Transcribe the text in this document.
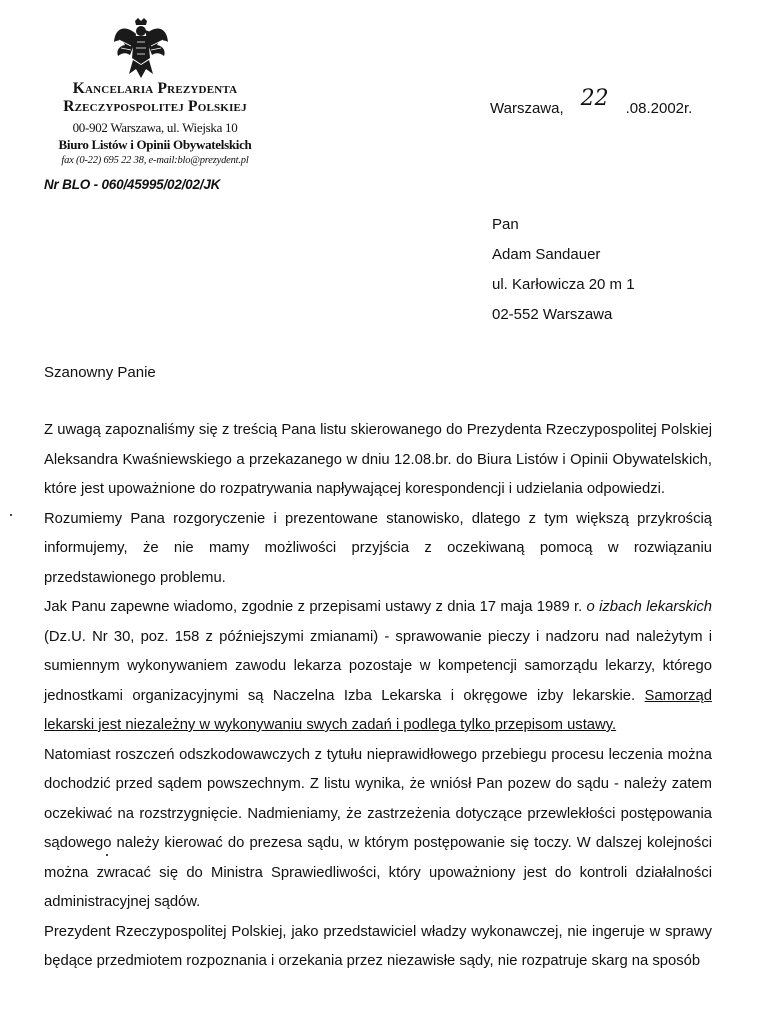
Kancelaria Prezydenta
Rzeczypospolitej Polskiej
00-902 Warszawa, ul. Wiejska 10
Biuro Listów i Opinii Obywatelskich
fax (0-22) 695 22 38, e-mail:blo@prezydent.pl
Nr BLO - 060/45995/02/02/JK
Warszawa, 22 .08.2002r.
Pan
Adam Sandauer
ul. Karłowicza 20 m 1
02-552 Warszawa
Szanowny Panie

Z uwagą zapoznaliśmy się z treścią Pana listu skierowanego do Prezydenta Rzeczypospolitej Polskiej Aleksandra Kwaśniewskiego a przekazanego w dniu 12.08.br. do Biura Listów i Opinii Obywatelskich, które jest upoważnione do rozpatrywania napływającej korespondencji i udzielania odpowiedzi.

Rozumiemy Pana rozgoryczenie i prezentowane stanowisko, dlatego z tym większą przykrością informujemy, że nie mamy możliwości przyjścia z oczekiwaną pomocą w rozwiązaniu przedstawionego problemu.

Jak Panu zapewne wiadomo, zgodnie z przepisami ustawy z dnia 17 maja 1989 r. o izbach lekarskich (Dz.U. Nr 30, poz. 158 z późniejszymi zmianami) - sprawowanie pieczy i nadzoru nad należytym i sumiennym wykonywaniem zawodu lekarza pozostaje w kompetencji samorządu lekarzy, którego jednostkami organizacyjnymi są Naczelna Izba Lekarska i okręgowe izby lekarskie. Samorząd lekarski jest niezależny w wykonywaniu swych zadań i podlega tylko przepisom ustawy.

Natomiast roszczeń odszkodowawczych z tytułu nieprawidłowego przebiegu procesu leczenia można dochodzić przed sądem powszechnym. Z listu wynika, że wniósł Pan pozew do sądu - należy zatem oczekiwać na rozstrzygnięcie. Nadmieniamy, że zastrzeżenia dotyczące przewlekłości postępowania sądowego należy kierować do prezesa sądu, w którym postępowanie się toczy. W dalszej kolejności można zwracać się do Ministra Sprawiedliwości, który upoważniony jest do kontroli działalności administracyjnej sądów.

Prezydent Rzeczypospolitej Polskiej, jako przedstawiciel władzy wykonawczej, nie ingeruje w sprawy będące przedmiotem rozpoznania i orzekania przez niezawisłe sądy, nie rozpatruje skarg na sposób
